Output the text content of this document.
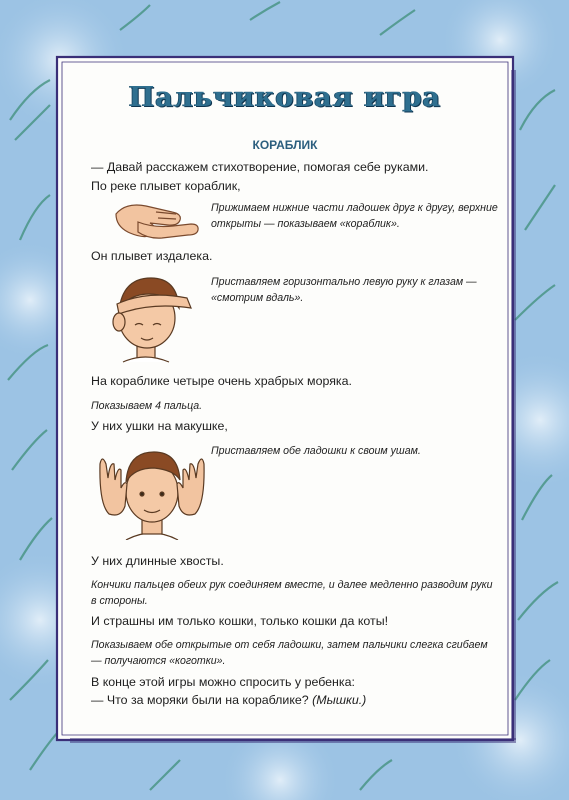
Пальчиковая игра
КОРАБЛИК
— Давай расскажем стихотворение, помогая себе руками.
По реке плывет кораблик,
Прижимаем нижние части ладошек друг к другу, верхние открыты — показываем «кораблик».
Он плывет издалека.
Приставляем горизонтально левую руку к глазам — «смотрим вдаль».
На кораблике четыре очень храбрых моряка.
Показываем 4 пальца.
У них ушки на макушке,
Приставляем обе ладошки к своим ушам.
У них длинные хвосты.
Кончики пальцев обеих рук соединяем вместе, и далее медленно разводим руки в стороны.
И страшны им только кошки, только кошки да коты!
Показываем обе открытые от себя ладошки, затем пальчики слегка сгибаем — получаются «коготки».
В конце этой игры можно спросить у ребенка:
— Что за моряки были на кораблике? (Мышки.)
